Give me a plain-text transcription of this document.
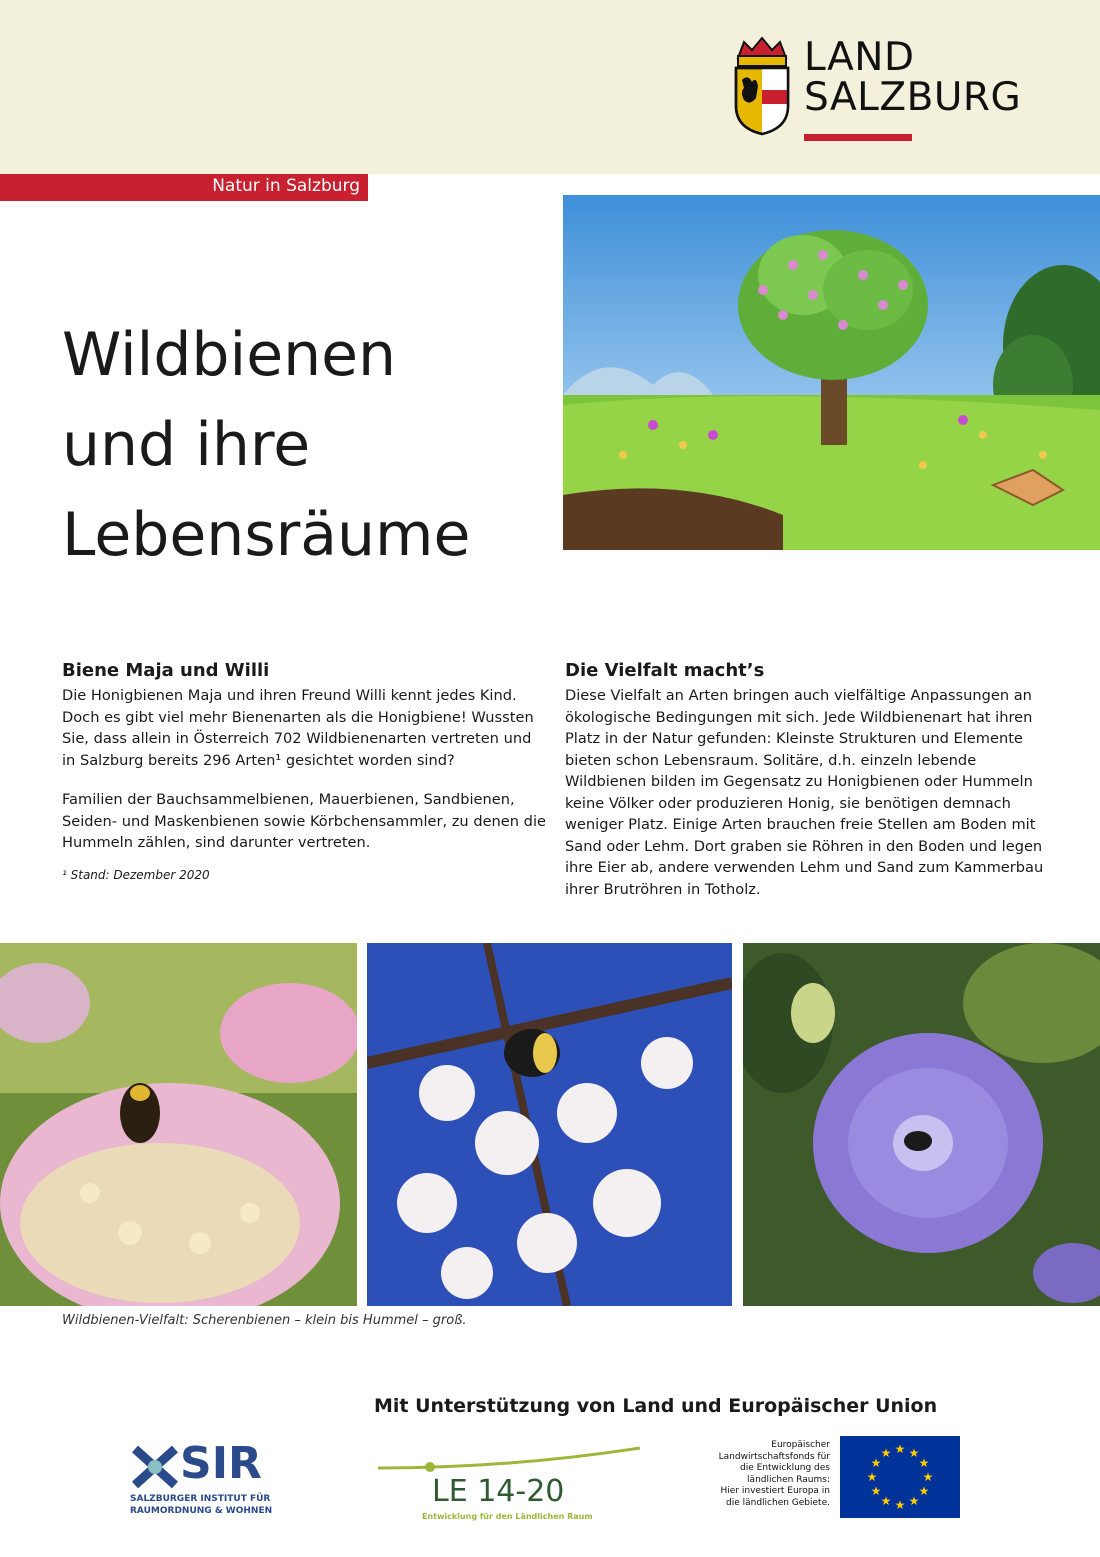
LAND
SALZBURG
Natur in Salzburg
Wildbienen
und ihre
Lebensräume
Biene Maja und Willi

Die Honigbienen Maja und ihren Freund Willi kennt jedes Kind. Doch es gibt viel mehr Bienenarten als die Honigbiene! Wussten Sie, dass allein in Österreich 702 Wildbienenarten vertreten und in Salzburg bereits 296 Arten¹ gesichtet worden sind?

Familien der Bauchsammelbienen, Mauerbienen, Sandbienen, Seiden- und Maskenbienen sowie Körbchensammler, zu denen die Hummeln zählen, sind darunter vertreten.

¹ Stand: Dezember 2020
Die Vielfalt macht’s

Diese Vielfalt an Arten bringen auch vielfältige Anpassungen an ökologische Bedingungen mit sich. Jede Wildbienenart hat ihren Platz in der Natur gefunden: Kleinste Strukturen und Elemente bieten schon Lebensraum. Solitäre, d.h. einzeln lebende Wildbienen bilden im Gegensatz zu Honigbienen oder Hummeln keine Völker oder produzieren Honig, sie benötigen demnach weniger Platz. Einige Arten brauchen freie Stellen am Boden mit Sand oder Lehm. Dort graben sie Röhren in den Boden und legen ihre Eier ab, andere verwenden Lehm und Sand zum Kammerbau ihrer Brutröhren in Totholz.

Wildbienen-Vielfalt: Scherenbienen – klein bis Hummel – groß.
Mit Unterstützung von Land und Europäischer Union
SIR
SALZBURGER INSTITUT FÜR
RAUMORDNUNG & WOHNEN
LE 14-20
Entwicklung für den Ländlichen Raum
Europäischer
Landwirtschaftsfonds für
die Entwicklung des
ländlichen Raums:
Hier investiert Europa in
die ländlichen Gebiete.
★ ★
★
★
★
★
★
★
★
★
★
★
